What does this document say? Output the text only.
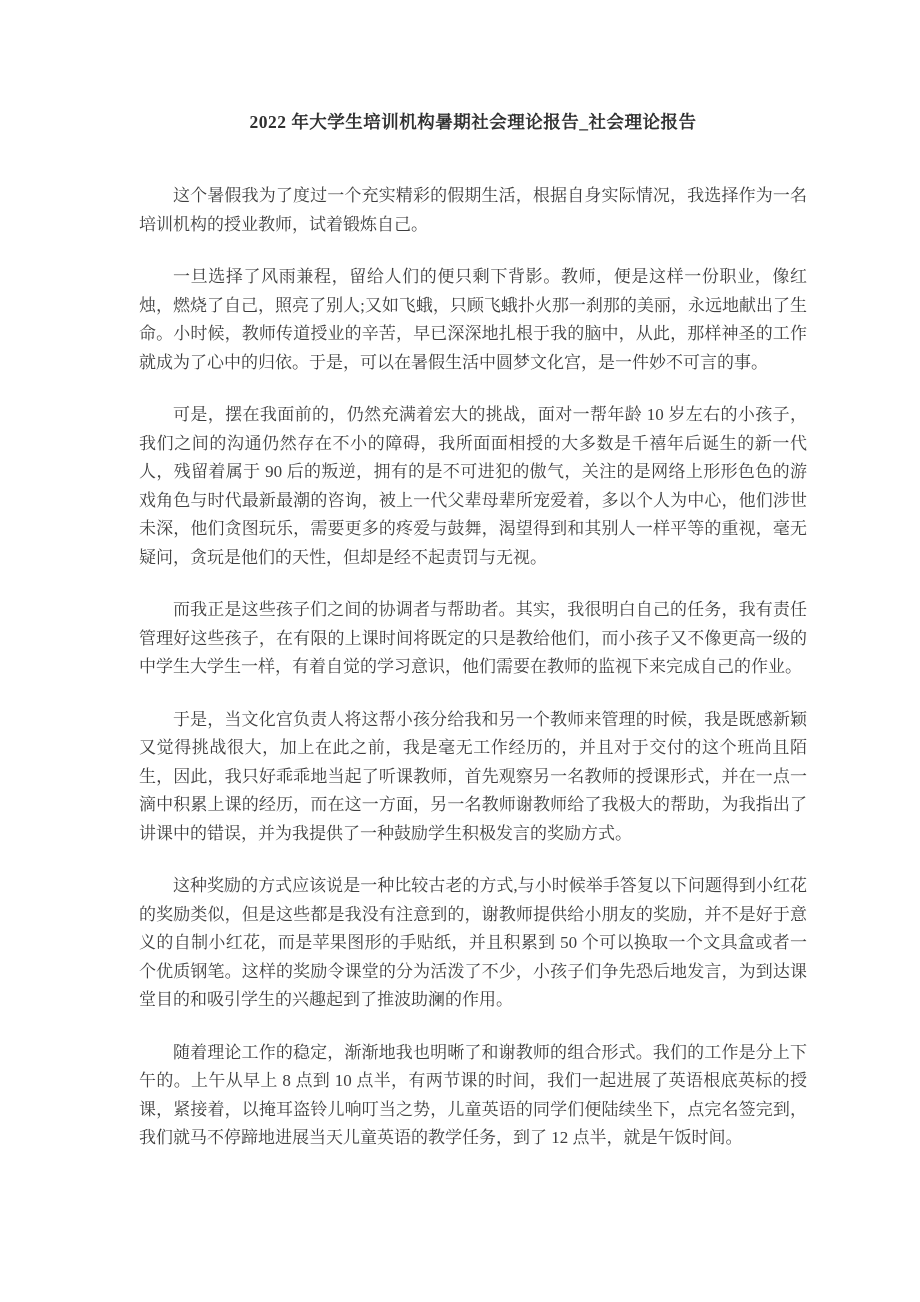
2022 年大学生培训机构暑期社会理论报告_社会理论报告

这个暑假我为了度过一个充实精彩的假期生活，根据自身实际情况，我选择作为一名培训机构的授业教师，试着锻炼自己。

一旦选择了风雨兼程，留给人们的便只剩下背影。教师，便是这样一份职业，像红烛，燃烧了自己，照亮了别人;又如飞蛾，只顾飞蛾扑火那一刹那的美丽，永远地献出了生命。小时候，教师传道授业的辛苦，早已深深地扎根于我的脑中，从此，那样神圣的工作就成为了心中的归依。于是，可以在暑假生活中圆梦文化宫，是一件妙不可言的事。

可是，摆在我面前的，仍然充满着宏大的挑战，面对一帮年龄 10 岁左右的小孩子，我们之间的沟通仍然存在不小的障碍，我所面面相授的大多数是千禧年后诞生的新一代人，残留着属于 90 后的叛逆，拥有的是不可进犯的傲气，关注的是网络上形形色色的游戏角色与时代最新最潮的咨询，被上一代父辈母辈所宠爱着，多以个人为中心，他们涉世未深，他们贪图玩乐，需要更多的疼爱与鼓舞，渴望得到和其别人一样平等的重视，毫无疑问，贪玩是他们的天性，但却是经不起责罚与无视。

而我正是这些孩子们之间的协调者与帮助者。其实，我很明白自己的任务，我有责任管理好这些孩子，在有限的上课时间将既定的只是教给他们，而小孩子又不像更高一级的中学生大学生一样，有着自觉的学习意识，他们需要在教师的监视下来完成自己的作业。

于是，当文化宫负责人将这帮小孩分给我和另一个教师来管理的时候，我是既感新颖又觉得挑战很大，加上在此之前，我是毫无工作经历的，并且对于交付的这个班尚且陌生，因此，我只好乖乖地当起了听课教师，首先观察另一名教师的授课形式，并在一点一滴中积累上课的经历，而在这一方面，另一名教师谢教师给了我极大的帮助，为我指出了讲课中的错误，并为我提供了一种鼓励学生积极发言的奖励方式。

这种奖励的方式应该说是一种比较古老的方式,与小时候举手答复以下问题得到小红花的奖励类似，但是这些都是我没有注意到的，谢教师提供给小朋友的奖励，并不是好于意义的自制小红花，而是苹果图形的手贴纸，并且积累到 50 个可以换取一个文具盒或者一个优质钢笔。这样的奖励令课堂的分为活泼了不少，小孩子们争先恐后地发言，为到达课堂目的和吸引学生的兴趣起到了推波助澜的作用。

随着理论工作的稳定，渐渐地我也明晰了和谢教师的组合形式。我们的工作是分上下午的。上午从早上 8 点到 10 点半，有两节课的时间，我们一起进展了英语根底英标的授课，紧接着，以掩耳盗铃儿响叮当之势，儿童英语的同学们便陆续坐下，点完名签完到，我们就马不停蹄地进展当天儿童英语的教学任务，到了 12 点半，就是午饭时间。
